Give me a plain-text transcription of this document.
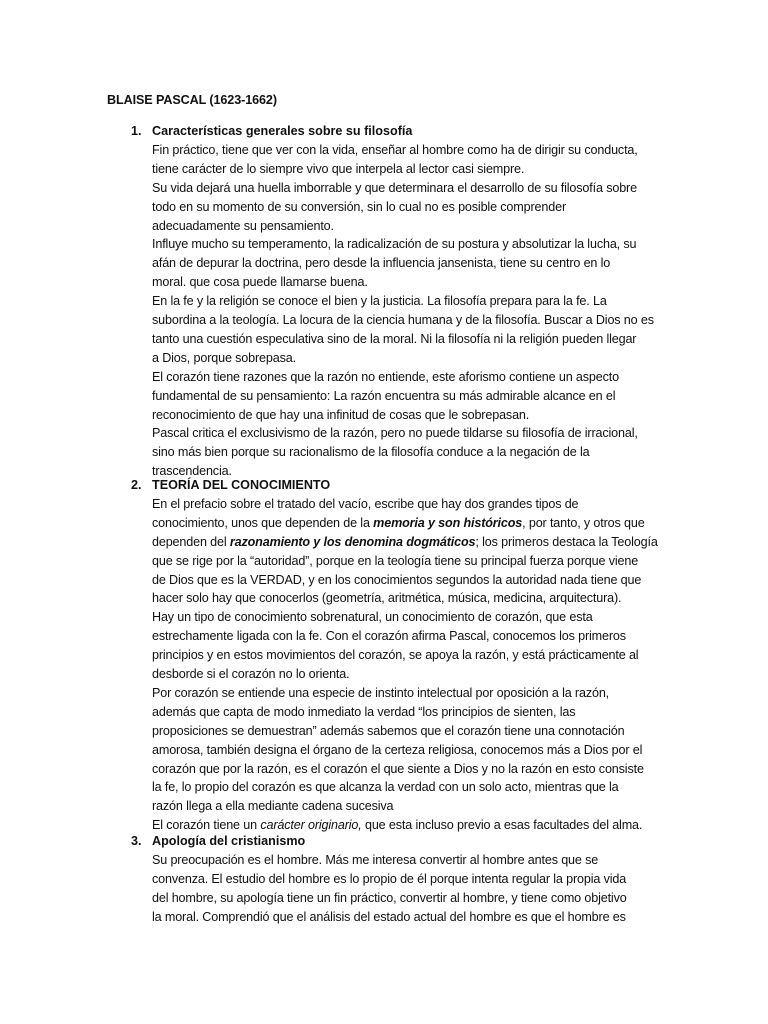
BLAISE PASCAL (1623-1662)
1. Características generales sobre su filosofía
Fin práctico, tiene que ver con la vida, enseñar al hombre como ha de dirigir su conducta,
tiene carácter de lo siempre vivo que interpela al lector casi siempre.
Su vida dejará una huella imborrable y que determinara el desarrollo de su filosofía sobre
todo en su momento de su conversión, sin lo cual no es posible comprender
adecuadamente su pensamiento.
Influye mucho su temperamento, la radicalización de su postura y absolutizar la lucha, su
afán de depurar la doctrina, pero desde la influencia jansenista, tiene su centro en lo
moral. que cosa puede llamarse buena.
En la fe y la religión se conoce el bien y la justicia. La filosofía prepara para la fe. La
subordina a la teología. La locura de la ciencia humana y de la filosofía. Buscar a Dios no es
tanto una cuestión especulativa sino de la moral. Ni la filosofía ni la religión pueden llegar
a Dios, porque sobrepasa.
El corazón tiene razones que la razón no entiende, este aforismo contiene un aspecto
fundamental de su pensamiento: La razón encuentra su más admirable alcance en el
reconocimiento de que hay una infinitud de cosas que le sobrepasan.
Pascal critica el exclusivismo de la razón, pero no puede tildarse su filosofía de irracional,
sino más bien porque su racionalismo de la filosofía conduce a la negación de la
trascendencia.
2. TEORÍA DEL CONOCIMIENTO
En el prefacio sobre el tratado del vacío, escribe que hay dos grandes tipos de
conocimiento, unos que dependen de la memoria y son históricos, por tanto, y otros que
dependen del razonamiento y los denomina dogmáticos; los primeros destaca la Teología
que se rige por la “autoridad”, porque en la teología tiene su principal fuerza porque viene
de Dios que es la VERDAD, y en los conocimientos segundos la autoridad nada tiene que
hacer solo hay que conocerlos (geometría, aritmética, música, medicina, arquitectura).
Hay un tipo de conocimiento sobrenatural, un conocimiento de corazón, que esta
estrechamente ligada con la fe. Con el corazón afirma Pascal, conocemos los primeros
principios y en estos movimientos del corazón, se apoya la razón, y está prácticamente al
desborde si el corazón no lo orienta.
Por corazón se entiende una especie de instinto intelectual por oposición a la razón,
además que capta de modo inmediato la verdad “los principios de sienten, las
proposiciones se demuestran” además sabemos que el corazón tiene una connotación
amorosa, también designa el órgano de la certeza religiosa, conocemos más a Dios por el
corazón que por la razón, es el corazón el que siente a Dios y no la razón en esto consiste
la fe, lo propio del corazón es que alcanza la verdad con un solo acto, mientras que la
razón llega a ella mediante cadena sucesiva
El corazón tiene un carácter originario, que esta incluso previo a esas facultades del alma.
3. Apología del cristianismo
Su preocupación es el hombre. Más me interesa convertir al hombre antes que se
convenza. El estudio del hombre es lo propio de él porque intenta regular la propia vida
del hombre, su apología tiene un fin práctico, convertir al hombre, y tiene como objetivo
la moral. Comprendió que el análisis del estado actual del hombre es que el hombre es
